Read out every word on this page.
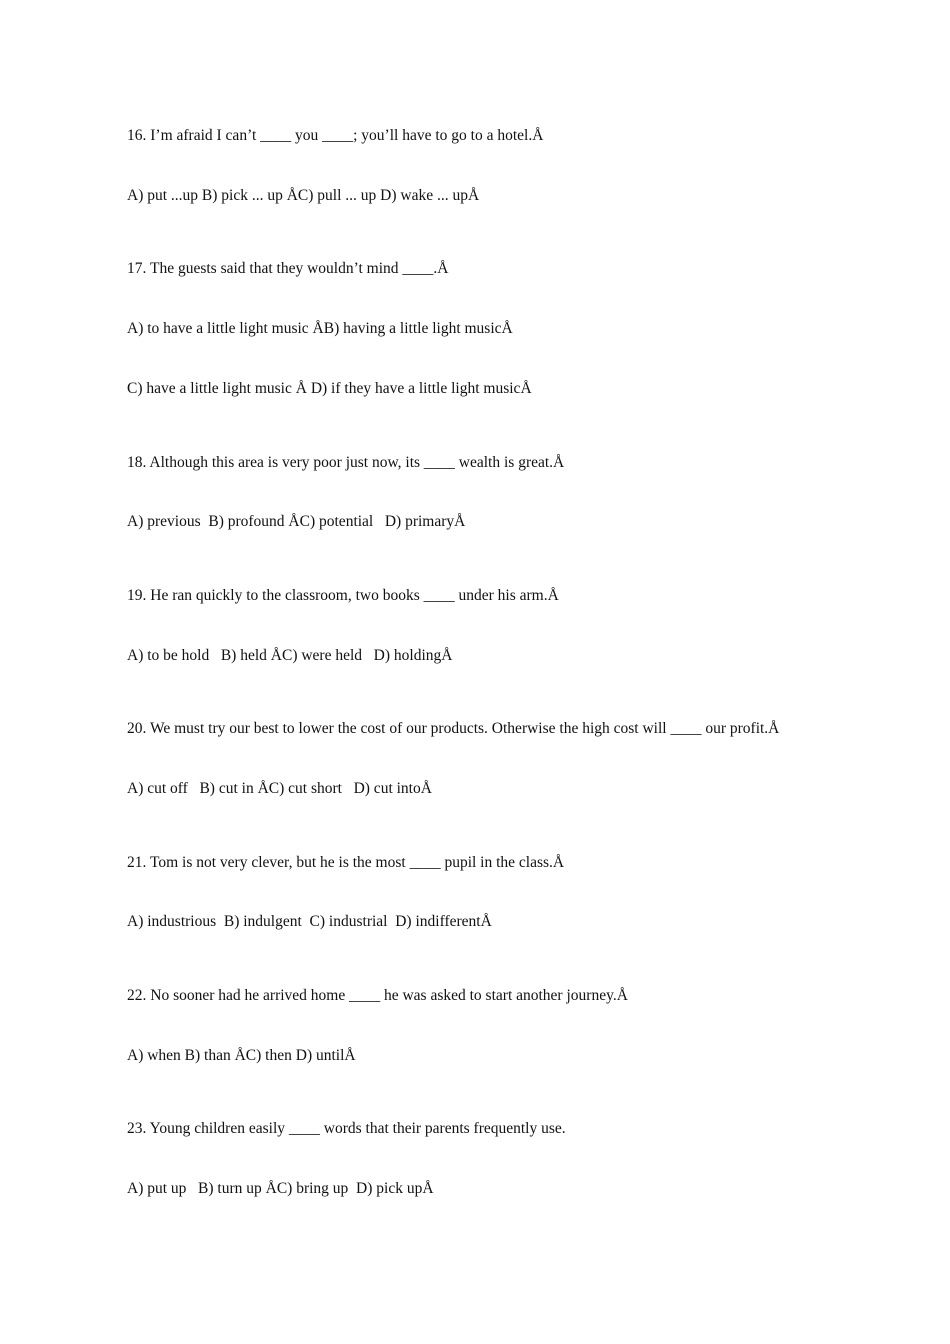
16. I’m afraid I can’t ____ you ____; you’ll have to go to a hotel.Å
A) put ...up B) pick ... up ÅC) pull ... up D) wake ... upÅ
17. The guests said that they wouldn’t mind ____.Å
A) to have a little light music ÅB) having a little light musicÅ
C) have a little light music Å D) if they have a little light musicÅ
18. Although this area is very poor just now, its ____ wealth is great.Å
A) previous  B) profound ÅC) potential   D) primaryÅ
19. He ran quickly to the classroom, two books ____ under his arm.Å
A) to be hold   B) held ÅC) were held   D) holdingÅ
20. We must try our best to lower the cost of our products. Otherwise the high cost will ____ our profit.Å
A) cut off   B) cut in ÅC) cut short   D) cut intoÅ
21. Tom is not very clever, but he is the most ____ pupil in the class.Å
A) industrious  B) indulgent  C) industrial  D) indifferentÅ
22. No sooner had he arrived home ____ he was asked to start another journey.Å
A) when B) than ÅC) then D) untilÅ
23. Young children easily ____ words that their parents frequently use.
A) put up   B) turn up ÅC) bring up  D) pick upÅ
